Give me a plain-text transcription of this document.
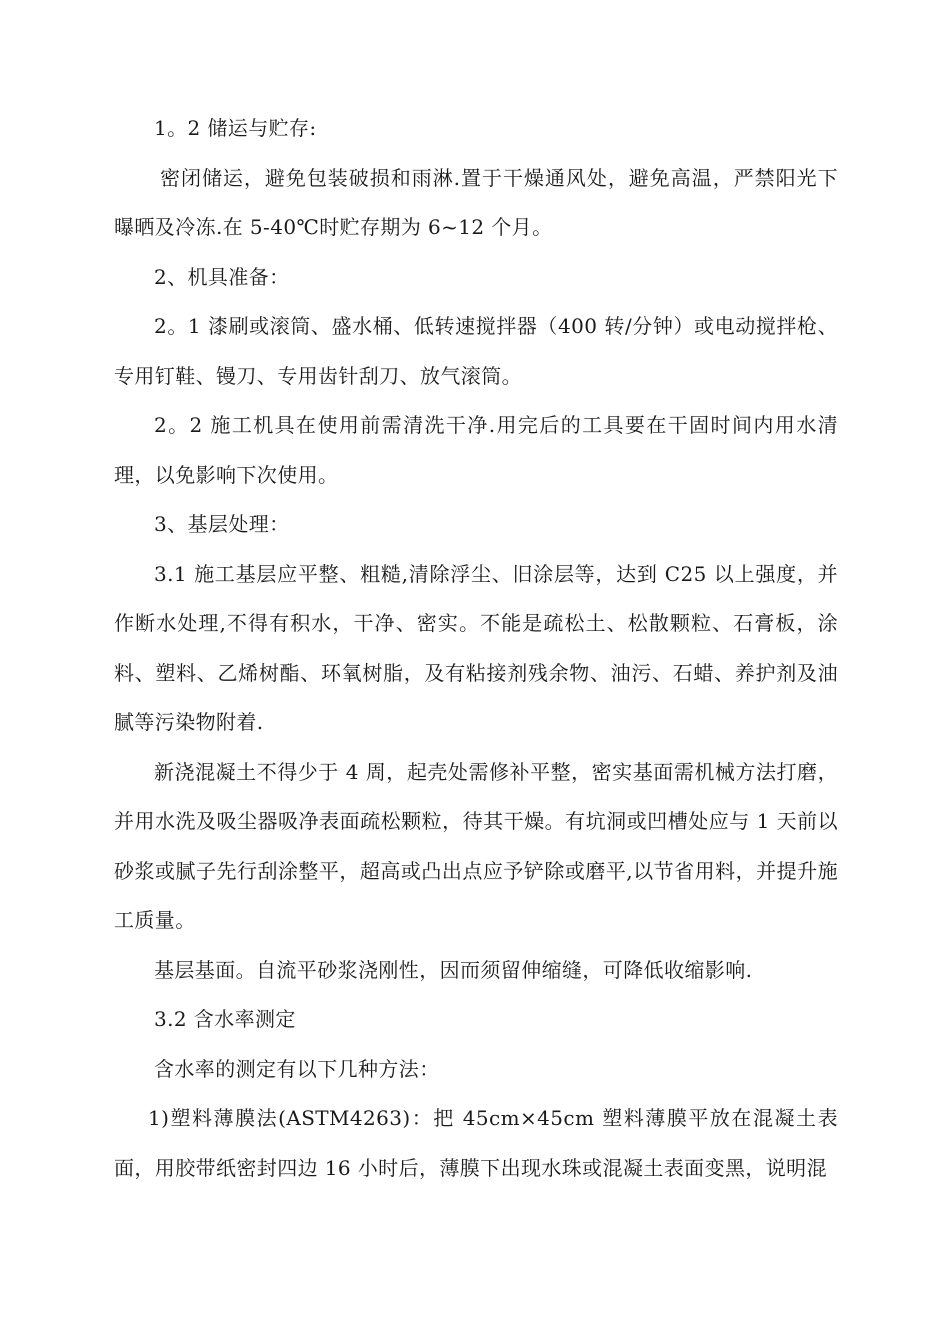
1。2 储运与贮存:

密闭储运，避免包装破损和雨淋.置于干燥通风处，避免高温，严禁阳光下曝晒及冷冻.在 5-40℃时贮存期为 6~12 个月。

2、机具准备：

2。1 漆刷或滚筒、盛水桶、低转速搅拌器（400 转/分钟）或电动搅拌枪、专用钉鞋、镘刀、专用齿针刮刀、放气滚筒。

2。2 施工机具在使用前需清洗干净.用完后的工具要在干固时间内用水清理，以免影响下次使用。

3、基层处理：

3.1 施工基层应平整、粗糙,清除浮尘、旧涂层等，达到 C25 以上强度，并作断水处理,不得有积水，干净、密实。不能是疏松土、松散颗粒、石膏板，涂料、塑料、乙烯树酯、环氧树脂，及有粘接剂残余物、油污、石蜡、养护剂及油腻等污染物附着.

新浇混凝土不得少于 4 周，起壳处需修补平整，密实基面需机械方法打磨，并用水洗及吸尘器吸净表面疏松颗粒，待其干燥。有坑洞或凹槽处应与 1 天前以砂浆或腻子先行刮涂整平，超高或凸出点应予铲除或磨平,以节省用料，并提升施工质量。

基层基面。自流平砂浆浇刚性，因而须留伸缩缝，可降低收缩影响.

3.2 含水率测定

含水率的测定有以下几种方法：

1)塑料薄膜法(ASTM4263)：把 45cm×45cm 塑料薄膜平放在混凝土表面，用胶带纸密封四边 16 小时后，薄膜下出现水珠或混凝土表面变黑，说明混
